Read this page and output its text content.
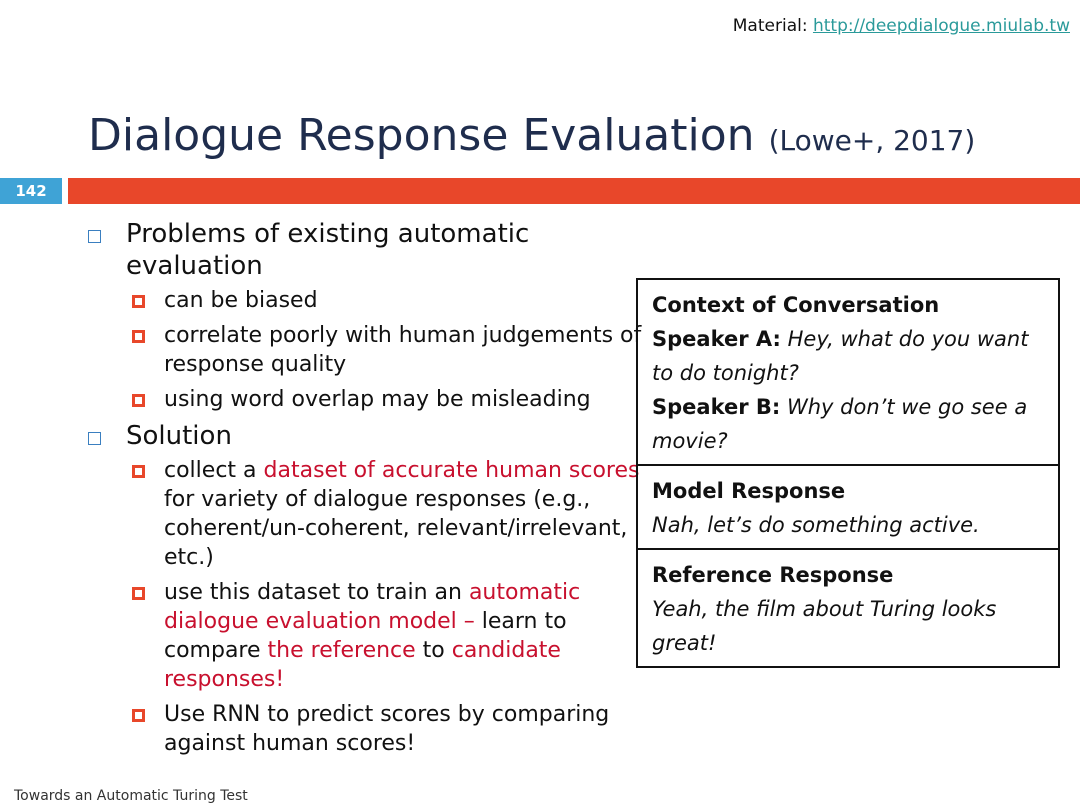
Material: http://deepdialogue.miulab.tw
Dialogue Response Evaluation (Lowe+, 2017)
142
Problems of existing automatic evaluation
can be biased
correlate poorly with human judgements of response quality
using word overlap may be misleading
Solution
collect a dataset of accurate human scores for variety of dialogue responses (e.g., coherent/un-coherent, relevant/irrelevant, etc.)
use this dataset to train an automatic dialogue evaluation model – learn to compare the reference to candidate responses!
Use RNN to predict scores by comparing against human scores!
Context of Conversation
Speaker A: Hey, what do you want to do tonight?
Speaker B: Why don’t we go see a movie?
Model Response
Nah, let’s do something active.
Reference Response
Yeah, the film about Turing looks great!
Towards an Automatic Turing Test
